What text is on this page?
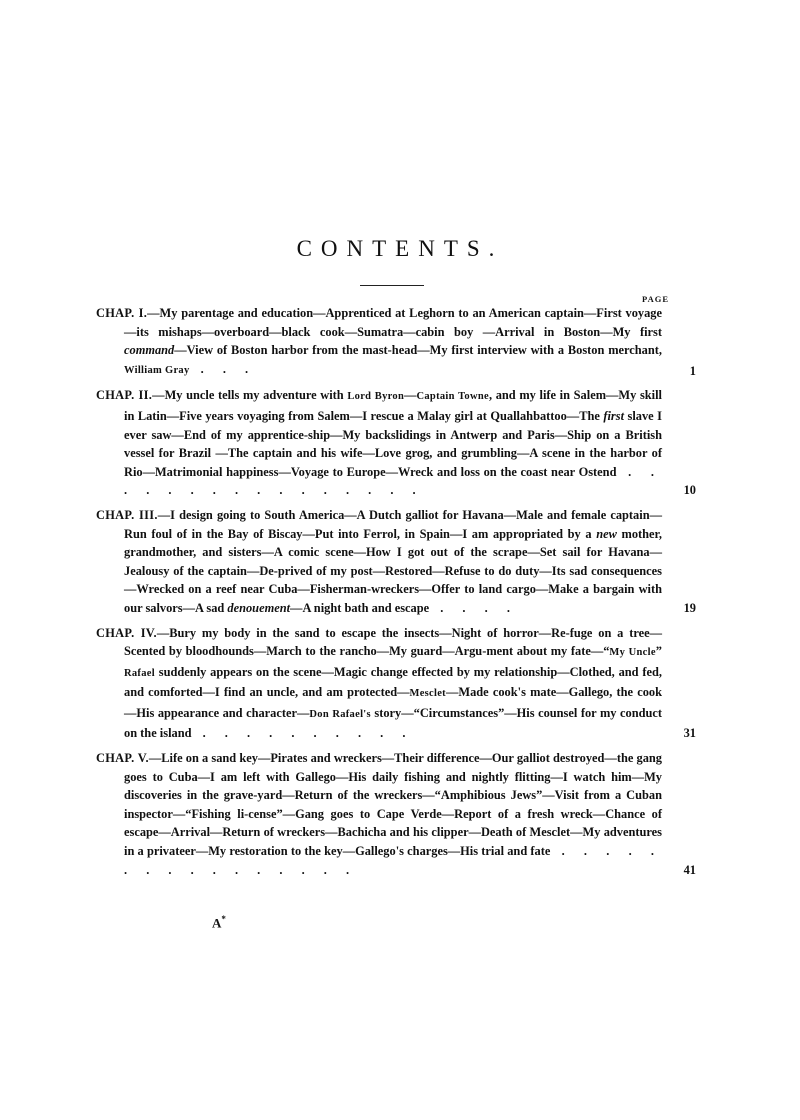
CONTENTS.
PAGE
CHAP. I.—My parentage and education—Apprenticed at Leghorn to an American captain—First voyage—its mishaps—overboard—black cook—Sumatra—cabin boy —Arrival in Boston—My first command—View of Boston harbor from the mast-head—My first interview with a Boston merchant, William Gray . . .	1
CHAP. II.—My uncle tells my adventure with Lord Byron—Captain Towne, and my life in Salem—My skill in Latin—Five years voyaging from Salem—I rescue a Malay girl at Quallahbattoo—The first slave I ever saw—End of my apprentice-ship—My backslidings in Antwerp and Paris—Ship on a British vessel for Brazil —The captain and his wife—Love grog, and grumbling—A scene in the harbor of Rio—Matrimonial happiness—Voyage to Europe—Wreck and loss on the coast near Ostend . . . . . . . . . . . . . . . .	10
CHAP. III.—I design going to South America—A Dutch galliot for Havana—Male and female captain—Run foul of in the Bay of Biscay—Put into Ferrol, in Spain—I am appropriated by a new mother, grandmother, and sisters—A comic scene—How I got out of the scrape—Set sail for Havana—Jealousy of the captain—De-prived of my post—Restored—Refuse to do duty—Its sad consequences—Wrecked on a reef near Cuba—Fisherman-wreckers—Offer to land cargo—Make a bargain with our salvors—A sad denouement—A night bath and escape . . . .	19
CHAP. IV.—Bury my body in the sand to escape the insects—Night of horror—Re-fuge on a tree—Scented by bloodhounds—March to the rancho—My guard—Argu-ment about my fate—“My Uncle” Rafael suddenly appears on the scene—Magic change effected by my relationship—Clothed, and fed, and comforted—I find an uncle, and am protected—Mesclet—Made cook's mate—Gallego, the cook —His appearance and character—Don Rafael's story—“Circumstances”—His counsel for my conduct on the island . . . . . . . . . .	31
CHAP. V.—Life on a sand key—Pirates and wreckers—Their difference—Our galliot destroyed—the gang goes to Cuba—I am left with Gallego—His daily fishing and nightly flitting—I watch him—My discoveries in the grave-yard—Return of the wreckers—“Amphibious Jews”—Visit from a Cuban inspector—“Fishing li-cense”—Gang goes to Cape Verde—Report of a fresh wreck—Chance of escape—Arrival—Return of wreckers—Bachicha and his clipper—Death of Mesclet—My adventures in a privateer—My restoration to the key—Gallego's charges—His trial and fate . . . . . . . . . . . . . . . .	41
A*
